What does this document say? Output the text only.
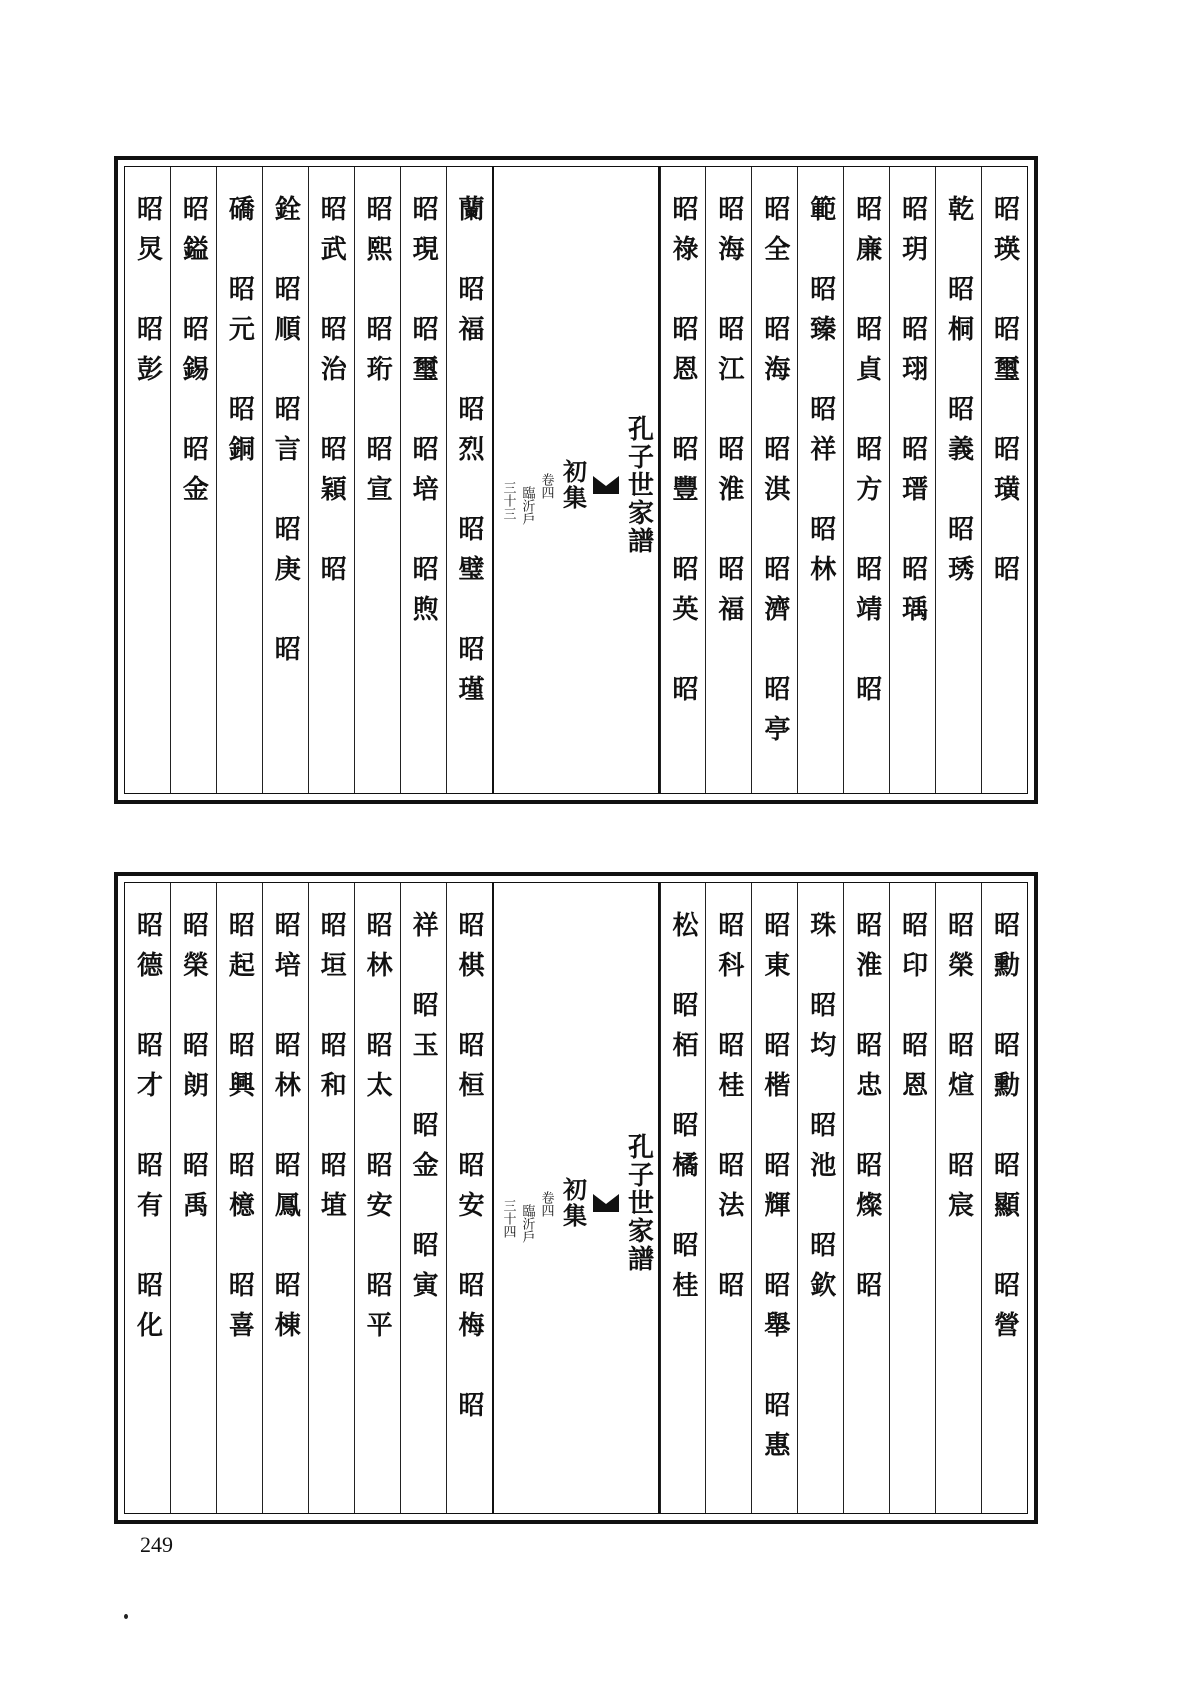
昭瑛　昭璽　昭璜　昭
乾　昭桐　昭義　昭琇
昭玥　昭珝　昭瑨　昭瑀
昭廉　昭貞　昭方　昭靖　昭
範　昭臻　昭祥　昭林
昭全　昭海　昭淇　昭濟　昭亭
昭海　昭江　昭淮　昭福
昭祿　昭恩　昭豐　昭英　昭
孔子世家譜
初集
卷四
臨沂戶
三十三
蘭　昭福　昭烈　昭璧　昭瑾
昭現　昭璽　昭培　昭煦
昭熙　昭珩　昭宣
昭武　昭治　昭穎　昭
銓　昭順　昭言　昭庚　昭
礄　昭元　昭銅
昭鎰　昭錫　昭金
昭炅　昭彭
昭勳　昭勳　昭顯　昭營
昭榮　昭煊　昭宸
昭印　昭恩
昭淮　昭忠　昭燦　昭
珠　昭均　昭池　昭欽
昭東　昭楷　昭輝　昭舉　昭惠
昭科　昭桂　昭法　昭
松　昭栢　昭橘　昭桂
孔子世家譜
初集
卷四
臨沂戶
三十四
昭棋　昭桓　昭安　昭梅　昭
祥　昭玉　昭金　昭寅
昭林　昭太　昭安　昭平
昭垣　昭和　昭埴
昭培　昭林　昭鳳　昭棟
昭起　昭興　昭檍　昭喜
昭榮　昭朗　昭禹
昭德　昭才　昭有　昭化
249
